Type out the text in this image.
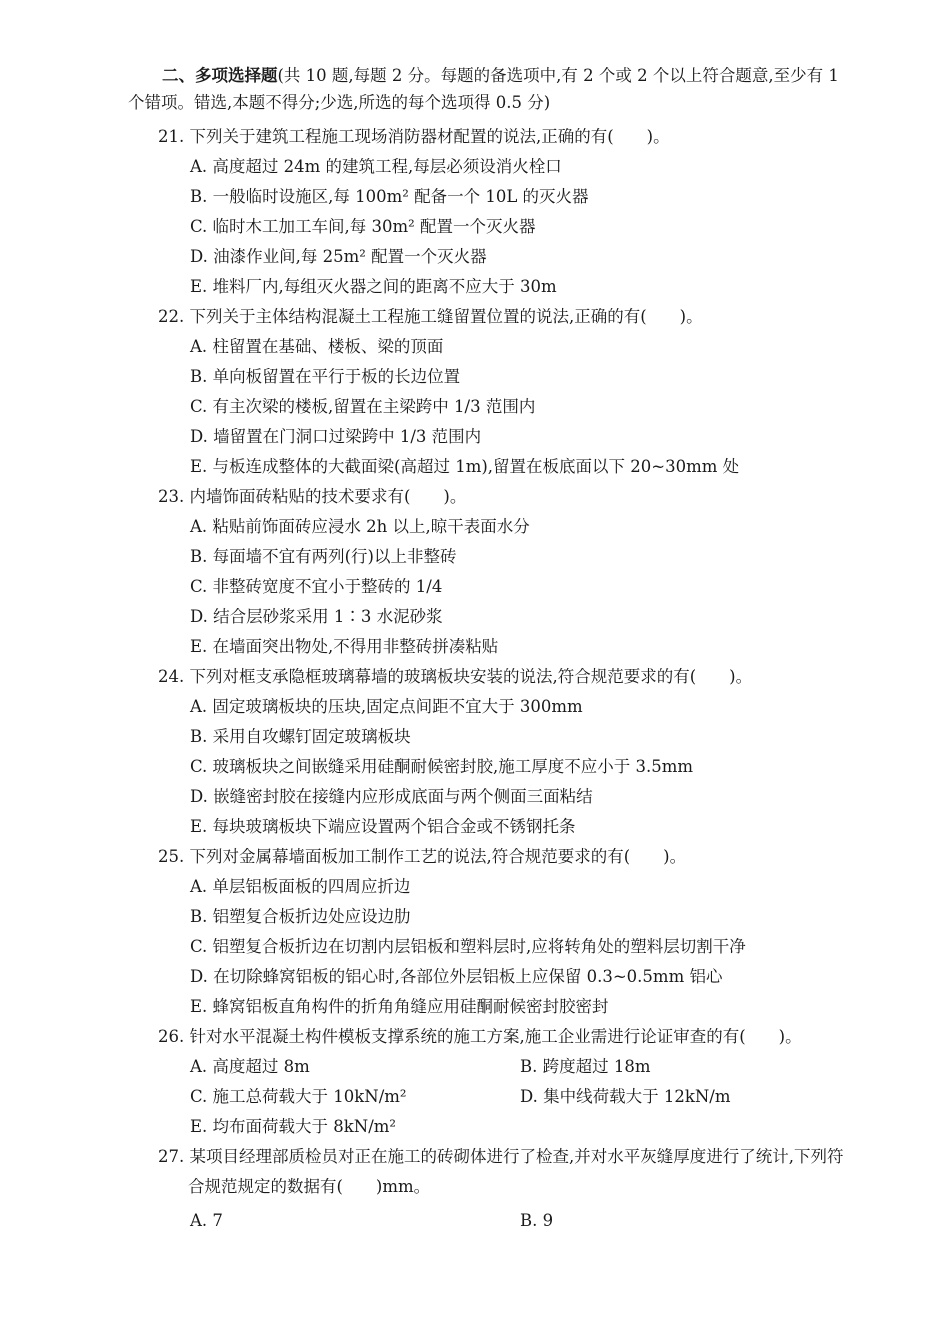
二、多项选择题(共 10 题,每题 2 分。每题的备选项中,有 2 个或 2 个以上符合题意,至少有 1 个错项。错选,本题不得分;少选,所选的每个选项得 0.5 分)
21. 下列关于建筑工程施工现场消防器材配置的说法,正确的有(　　)。
A. 高度超过 24m 的建筑工程,每层必须设消火栓口
B. 一般临时设施区,每 100m² 配备一个 10L 的灭火器
C. 临时木工加工车间,每 30m² 配置一个灭火器
D. 油漆作业间,每 25m² 配置一个灭火器
E. 堆料厂内,每组灭火器之间的距离不应大于 30m
22. 下列关于主体结构混凝土工程施工缝留置位置的说法,正确的有(　　)。
A. 柱留置在基础、楼板、梁的顶面
B. 单向板留置在平行于板的长边位置
C. 有主次梁的楼板,留置在主梁跨中 1/3 范围内
D. 墙留置在门洞口过梁跨中 1/3 范围内
E. 与板连成整体的大截面梁(高超过 1m),留置在板底面以下 20~30mm 处
23. 内墙饰面砖粘贴的技术要求有(　　)。
A. 粘贴前饰面砖应浸水 2h 以上,晾干表面水分
B. 每面墙不宜有两列(行)以上非整砖
C. 非整砖宽度不宜小于整砖的 1/4
D. 结合层砂浆采用 1∶3 水泥砂浆
E. 在墙面突出物处,不得用非整砖拼凑粘贴
24. 下列对框支承隐框玻璃幕墙的玻璃板块安装的说法,符合规范要求的有(　　)。
A. 固定玻璃板块的压块,固定点间距不宜大于 300mm
B. 采用自攻螺钉固定玻璃板块
C. 玻璃板块之间嵌缝采用硅酮耐候密封胶,施工厚度不应小于 3.5mm
D. 嵌缝密封胶在接缝内应形成底面与两个侧面三面粘结
E. 每块玻璃板块下端应设置两个铝合金或不锈钢托条
25. 下列对金属幕墙面板加工制作工艺的说法,符合规范要求的有(　　)。
A. 单层铝板面板的四周应折边
B. 铝塑复合板折边处应设边肋
C. 铝塑复合板折边在切割内层铝板和塑料层时,应将转角处的塑料层切割干净
D. 在切除蜂窝铝板的铝心时,各部位外层铝板上应保留 0.3~0.5mm 铝心
E. 蜂窝铝板直角构件的折角角缝应用硅酮耐候密封胶密封
26. 针对水平混凝土构件模板支撑系统的施工方案,施工企业需进行论证审查的有(　　)。
A. 高度超过 8m	B. 跨度超过 18m
C. 施工总荷载大于 10kN/m²	D. 集中线荷载大于 12kN/m
E. 均布面荷载大于 8kN/m²
27. 某项目经理部质检员对正在施工的砖砌体进行了检查,并对水平灰缝厚度进行了统计,下列符合规范规定的数据有(　　)mm。
A. 7	B. 9
